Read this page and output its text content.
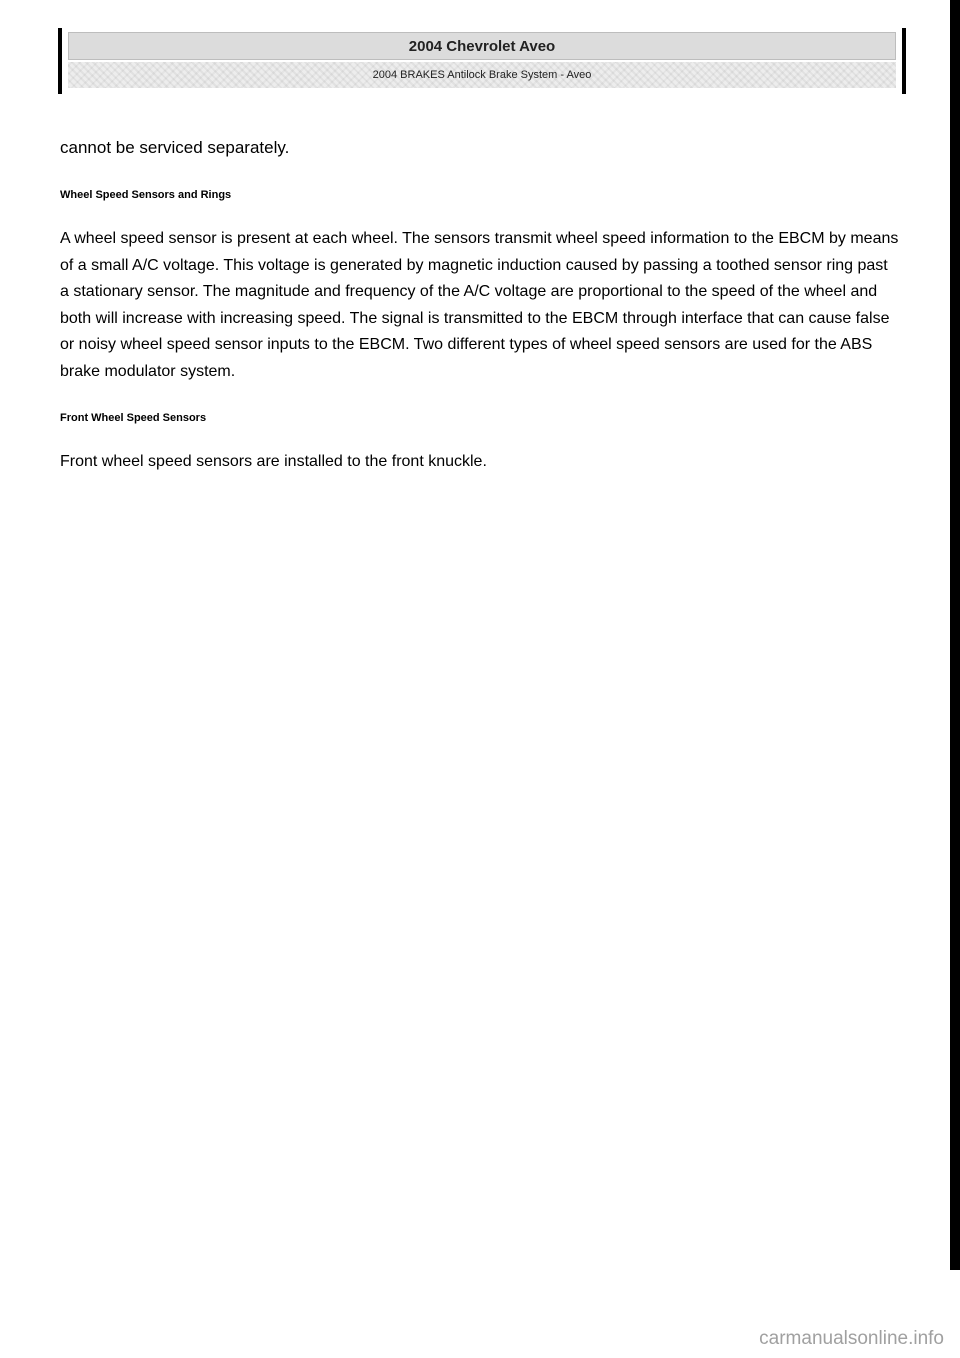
2004 Chevrolet Aveo
2004 BRAKES Antilock Brake System - Aveo

cannot be serviced separately.

Wheel Speed Sensors and Rings

A wheel speed sensor is present at each wheel. The sensors transmit wheel speed information to the EBCM by means of a small A/C voltage. This voltage is generated by magnetic induction caused by passing a toothed sensor ring past a stationary sensor. The magnitude and frequency of the A/C voltage are proportional to the speed of the wheel and both will increase with increasing speed. The signal is transmitted to the EBCM through interface that can cause false or noisy wheel speed sensor inputs to the EBCM. Two different types of wheel speed sensors are used for the ABS brake modulator system.

Front Wheel Speed Sensors

Front wheel speed sensors are installed to the front knuckle.

carmanualsonline.info
